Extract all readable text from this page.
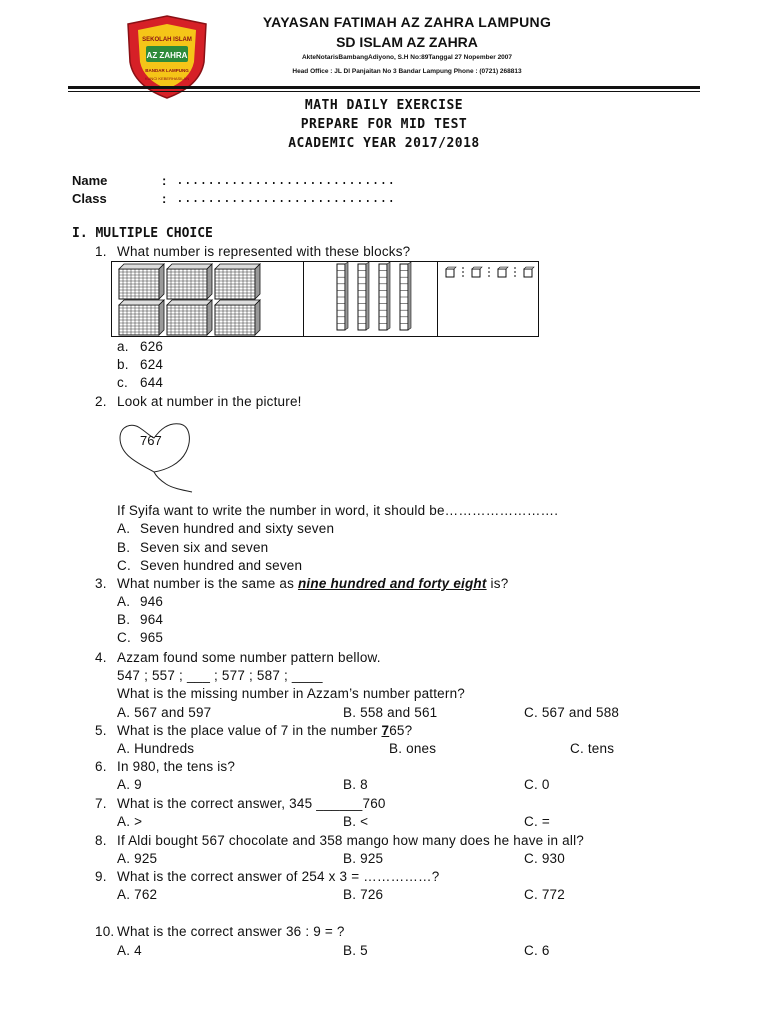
SEKOLAH ISLAM
AZ ZAHRA
BANDAR LAMPUNG
KUNCI KEBERHASILAN
YAYASAN FATIMAH AZ ZAHRA LAMPUNG
SD ISLAM AZ ZAHRA
AkteNotarisBambangAdiyono, S.H No:89Tanggal 27 Nopember 2007
Head Office : JL Dl Panjaitan No 3 Bandar Lampung Phone : (0721) 268813
MATH DAILY EXERCISE
PREPARE FOR MID TEST
ACADEMIC YEAR 2017/2018
Name	: ............................
Class	: ............................
I. MULTIPLE CHOICE
1. What number is represented with these blocks?
a. 626
b. 624
c. 644
2. Look at number in the picture!
767
If Syifa want to write the number in word, it should be…………………….
A. Seven hundred and sixty seven
B. Seven six and seven
C. Seven hundred and seven
3. What number is the same as nine hundred and forty eight is?
A. 946
B. 964
C. 965
4. Azzam found some number pattern bellow.
547 ; 557 ; ___ ; 577 ; 587 ; ____
What is the missing number in Azzam’s number pattern?
A. 567 and 597	B. 558 and 561	C. 567 and 588
5. What is the place value of 7 in the number 765?
A. Hundreds	B. ones	C. tens
6. In 980, the tens is?
A. 9	B. 8	C. 0
7. What is the correct answer, 345 ______760
A. >	B. <	C. =
8. If Aldi bought 567 chocolate and 358 mango how many does he have in all?
A. 925	B. 925	C. 930
9. What is the correct answer of 254 x 3 = ……………?
A. 762	B. 726	C. 772
10. What is the correct answer 36 : 9 = ?
A. 4	B. 5	C. 6
